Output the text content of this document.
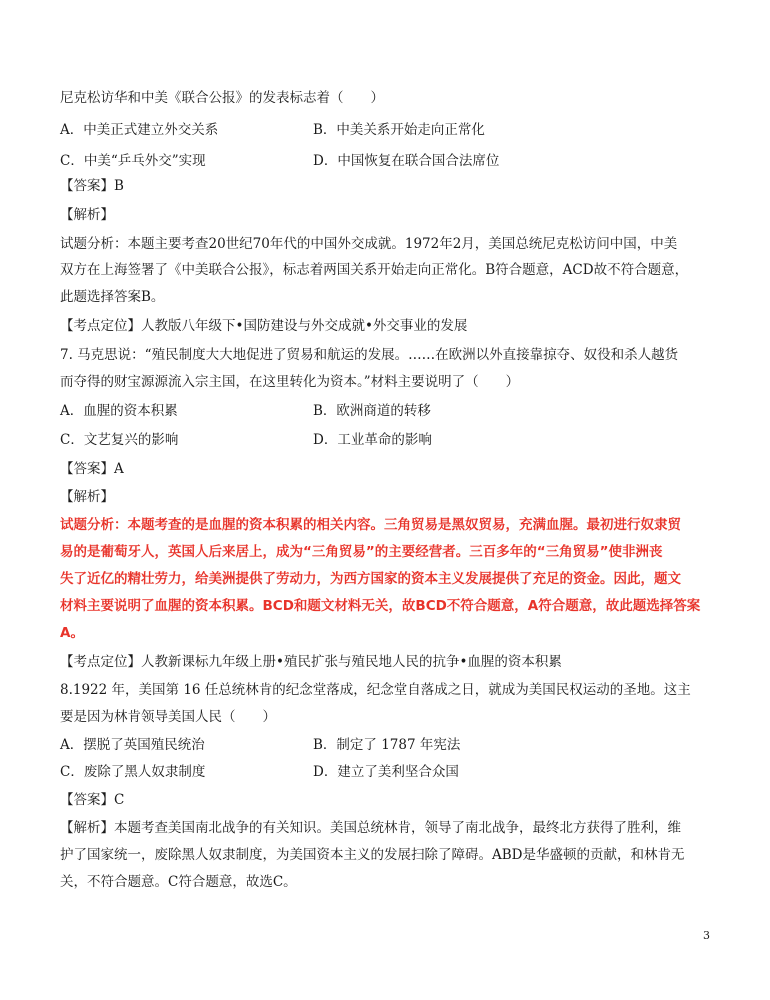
尼克松访华和中美《联合公报》的发表标志着（　　）
A．中美正式建立外交关系	B．中美关系开始走向正常化
C．中美“乒乓外交”实现	D．中国恢复在联合国合法席位
【答案】B
【解析】
试题分析：本题主要考查20世纪70年代的中国外交成就。1972年2月，美国总统尼克松访问中国，中美
双方在上海签署了《中美联合公报》，标志着两国关系开始走向正常化。B符合题意，ACD故不符合题意，
此题选择答案B。
【考点定位】人教版八年级下•国防建设与外交成就•外交事业的发展
7. 马克思说：“殖民制度大大地促进了贸易和航运的发展。……在欧洲以外直接靠掠夺、奴役和杀人越货
而夺得的财宝源源流入宗主国，在这里转化为资本。”材料主要说明了（　　）
A．血腥的资本积累	B．欧洲商道的转移
C．文艺复兴的影响	D．工业革命的影响
【答案】A
【解析】
试题分析：本题考查的是血腥的资本积累的相关内容。三角贸易是黑奴贸易，充满血腥。最初进行奴隶贸
易的是葡萄牙人，英国人后来居上，成为“三角贸易”的主要经营者。三百多年的“三角贸易”使非洲丧
失了近亿的精壮劳力，给美洲提供了劳动力，为西方国家的资本主义发展提供了充足的资金。因此，题文
材料主要说明了血腥的资本积累。BCD和题文材料无关，故BCD不符合题意，A符合题意，故此题选择答案
A。
【考点定位】人教新课标九年级上册•殖民扩张与殖民地人民的抗争•血腥的资本积累
8.1922 年，美国第 16 任总统林肯的纪念堂落成，纪念堂自落成之日，就成为美国民权运动的圣地。这主
要是因为林肯领导美国人民（　　）
A．摆脱了英国殖民统治	B．制定了 1787 年宪法
C．废除了黑人奴隶制度	D．建立了美利坚合众国
【答案】C
【解析】本题考查美国南北战争的有关知识。美国总统林肯，领导了南北战争，最终北方获得了胜利，维
护了国家统一，废除黑人奴隶制度，为美国资本主义的发展扫除了障碍。ABD是华盛顿的贡献，和林肯无
关，不符合题意。C符合题意，故选C。
3
